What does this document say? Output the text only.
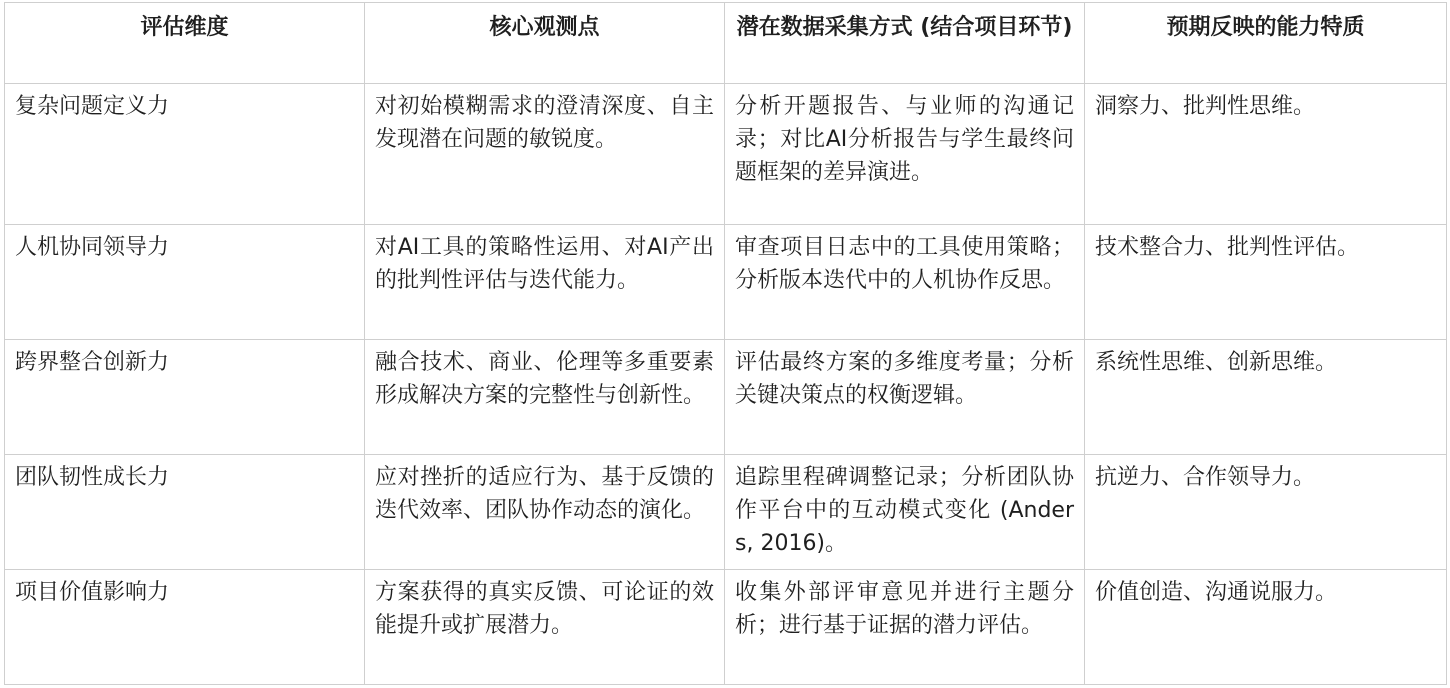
评估维度	核心观测点	潜在数据采集方式 (结合项目环节)	预期反映的能力特质
复杂问题定义力	对初始模糊需求的澄清深度、自主发现潜在问题的敏锐度。	分析开题报告、与业师的沟通记录；对比AI分析报告与学生最终问题框架的差异演进。	洞察力、批判性思维。
人机协同领导力	对AI工具的策略性运用、对AI产出的批判性评估与迭代能力。	审查项目日志中的工具使用策略；分析版本迭代中的人机协作反思。	技术整合力、批判性评估。
跨界整合创新力	融合技术、商业、伦理等多重要素形成解决方案的完整性与创新性。	评估最终方案的多维度考量；分析关键决策点的权衡逻辑。	系统性思维、创新思维。
团队韧性成长力	应对挫折的适应行为、基于反馈的迭代效率、团队协作动态的演化。	追踪里程碑调整记录；分析团队协作平台中的互动模式变化 (Anders, 2016)。	抗逆力、合作领导力。
项目价值影响力	方案获得的真实反馈、可论证的效能提升或扩展潜力。	收集外部评审意见并进行主题分析；进行基于证据的潜力评估。	价值创造、沟通说服力。
